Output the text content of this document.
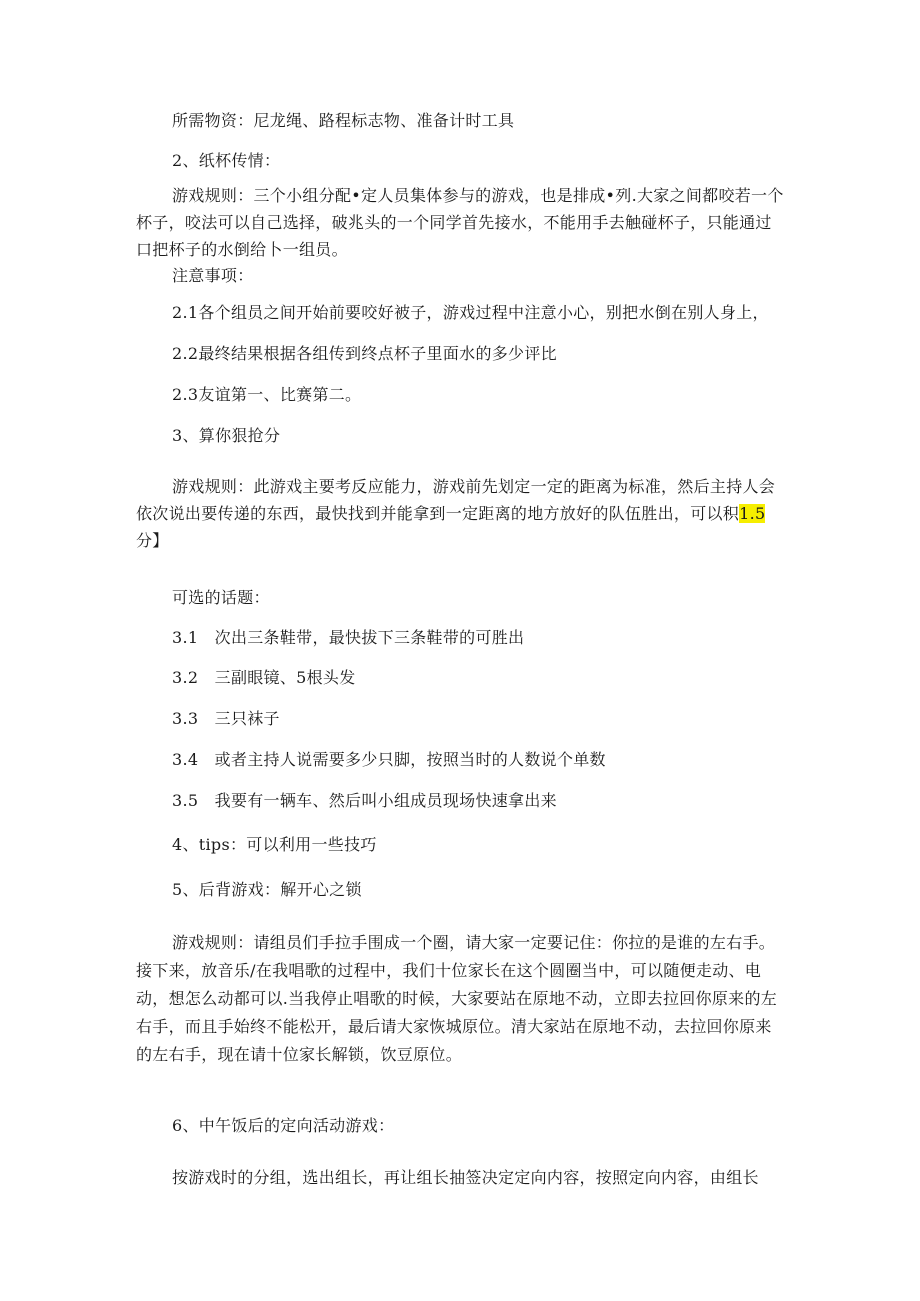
所需物资：尼龙绳、路程标志物、准备计时工具

2、纸杯传情：

游戏规则：三个小组分配•定人员集体参与的游戏，也是排成•列.大家之间都咬若一个杯子，咬法可以自己选择，破兆头的一个同学首先接水，不能用手去触碰杯子，只能通过口把杯子的水倒给卜一组员。

注意事项：

2.1各个组员之间开始前要咬好被子，游戏过程中注意小心，别把水倒在别人身上，

2.2最终结果根据各组传到终点杯子里面水的多少评比

2.3友谊第一、比赛第二。

3、算你狠抢分

游戏规则：此游戏主要考反应能力，游戏前先划定一定的距离为标准，然后主持人会依次说出要传递的东西，最快找到并能拿到一定距离的地方放好的队伍胜出，可以积1.5分】

可选的话题：

3.1　次出三条鞋带，最快拔下三条鞋带的可胜出

3.2　三副眼镜、5根头发

3.3　三只袜子

3.4　或者主持人说需要多少只脚，按照当时的人数说个单数

3.5　我要有一辆车、然后叫小组成员现场快速拿出来

4、tips：可以利用一些技巧

5、后背游戏：解开心之锁

游戏规则：请组员们手拉手围成一个圈，请大家一定要记住：你拉的是谁的左右手。接下来，放音乐/在我唱歌的过程中，我们十位家长在这个圆圈当中，可以随便走动、电动，想怎么动都可以.当我停止唱歌的时候，大家要站在原地不动，立即去拉回你原来的左右手，而且手始终不能松开，最后请大家恢城原位。清大家站在原地不动，去拉回你原来的左右手，现在请十位家长解锁，饮豆原位。

6、中午饭后的定向活动游戏：

按游戏时的分组，选出组长，再让组长抽签决定定向内容，按照定向内容，由组长
